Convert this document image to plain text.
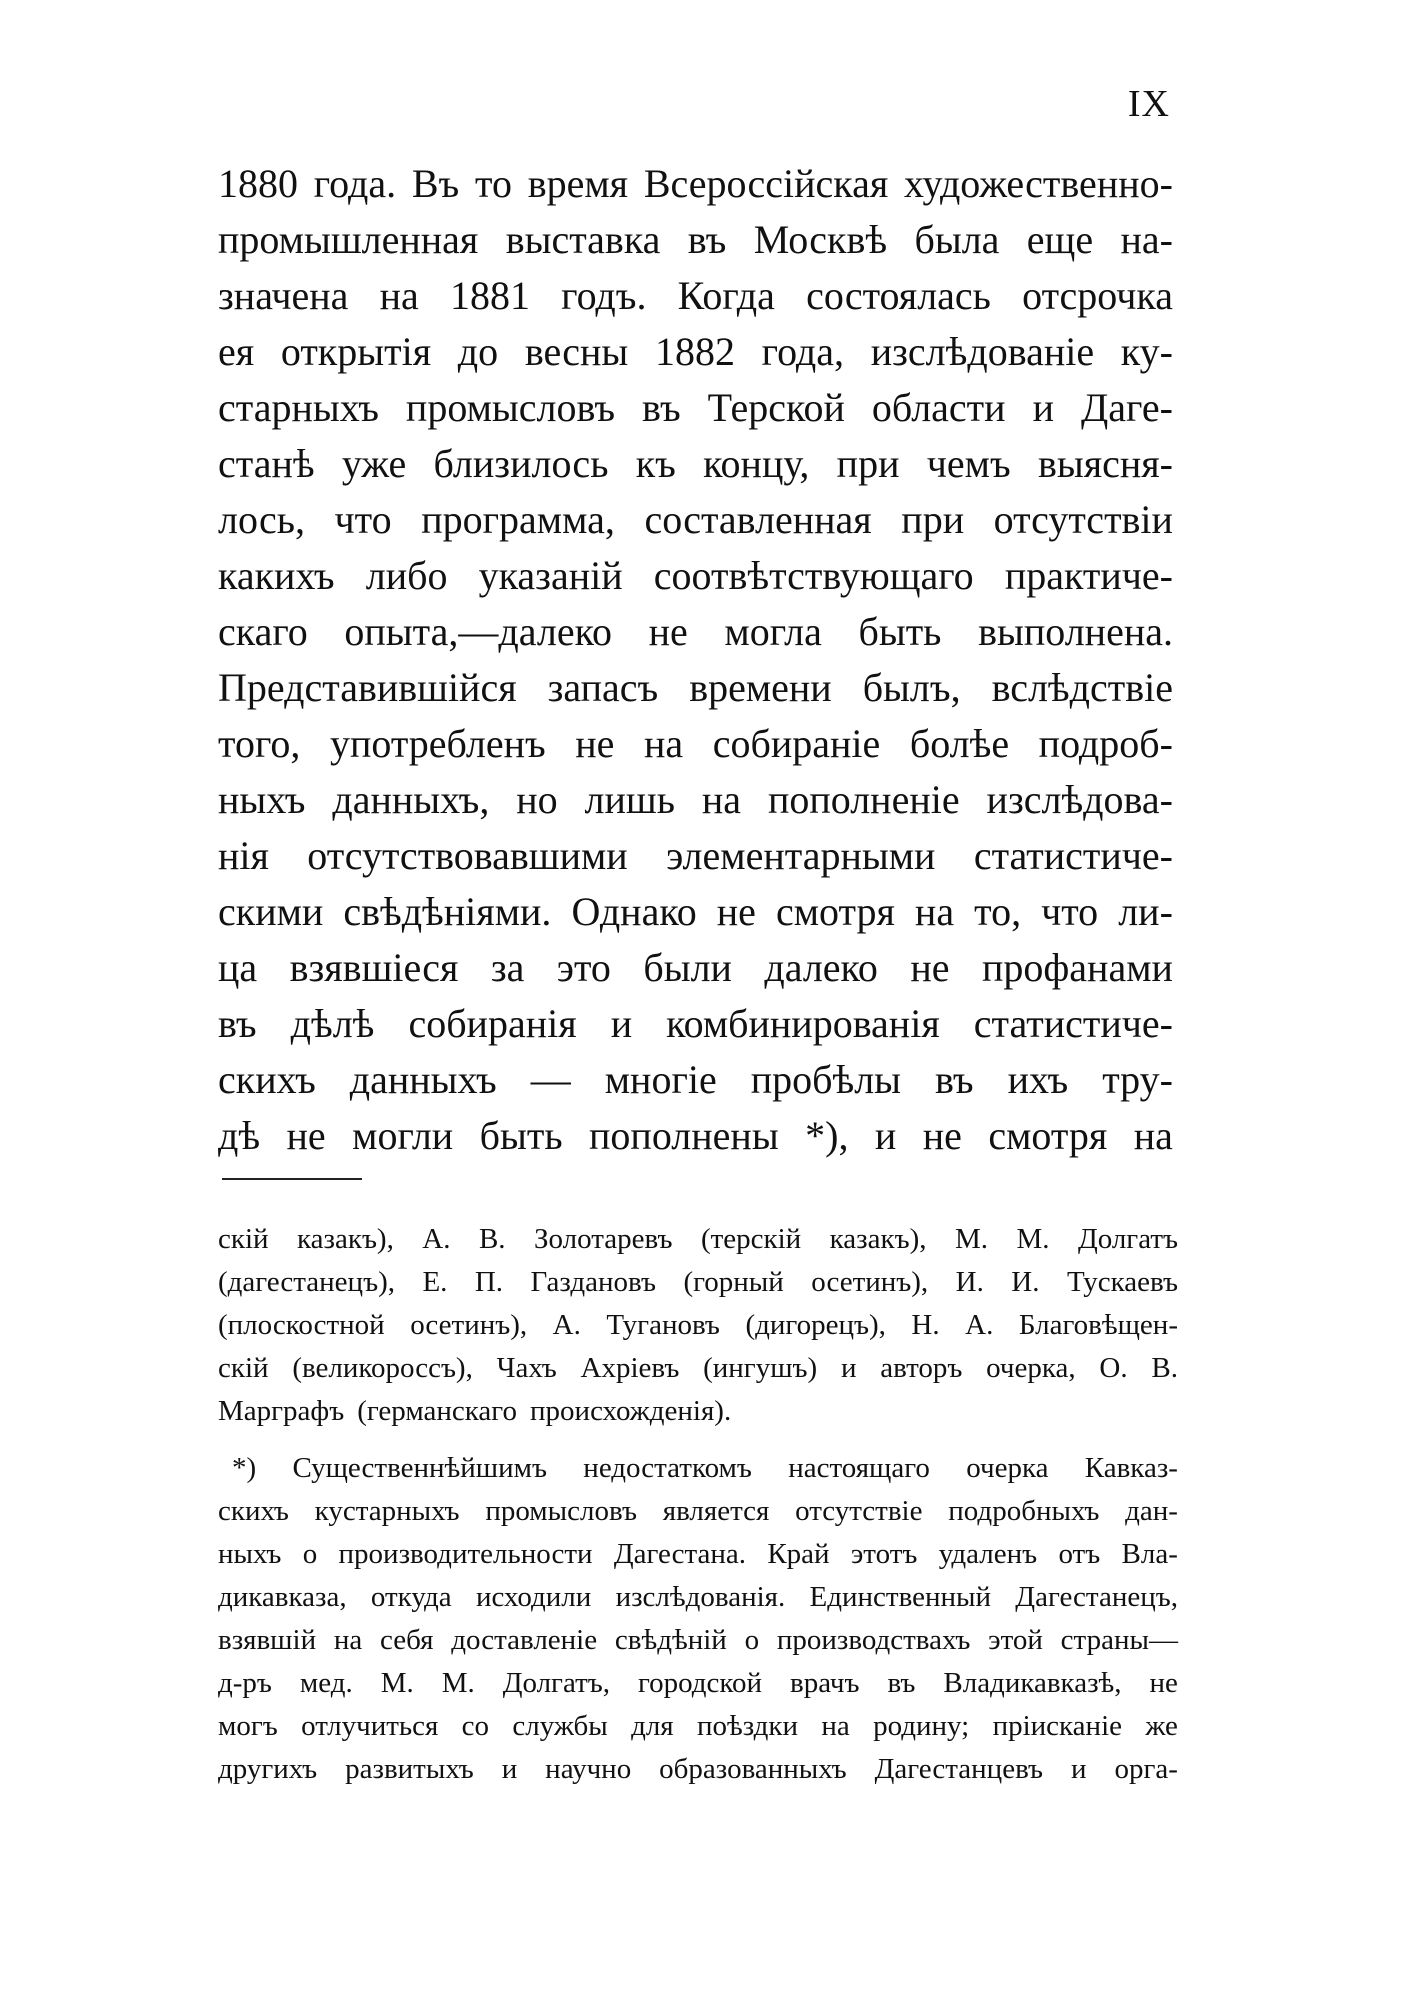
IX
1880 года. Въ то время Всероссійская художественно-
промышленная выставка въ Москвѣ была еще на-
значена на 1881 годъ. Когда состоялась отсрочка
ея открытія до весны 1882 года, изслѣдованіе ку-
старныхъ промысловъ въ Терской области и Даге-
станѣ уже близилось къ концу, при чемъ выясня-
лось, что программа, составленная при отсутствіи
какихъ либо указаній соотвѣтствующаго практиче-
скаго опыта,—далеко не могла быть выполнена.
Представившійся запасъ времени былъ, вслѣдствіе
того, употребленъ не на собираніе болѣе подроб-
ныхъ данныхъ, но лишь на пополненіе изслѣдова-
нія отсутствовавшими элементарными статистиче-
скими свѣдѣніями. Однако не смотря на то, что ли-
ца взявшіеся за это были далеко не профанами
въ дѣлѣ собиранія и комбинированія статистиче-
скихъ данныхъ — многіе пробѣлы въ ихъ тру-
дѣ не могли быть пополнены *), и не смотря на
скій казакъ), А. В. Золотаревъ (терскій казакъ), М. М. Долгатъ
(дагестанецъ), Е. П. Газдановъ (горный осетинъ), И. И. Тускаевъ
(плоскостной осетинъ), А. Тугановъ (дигорецъ), Н. А. Благовѣщен-
скій (великороссъ), Чахъ Ахріевъ (ингушъ) и авторъ очерка, О. В.
Марграфъ (германскаго происхожденія).
*) Существеннѣйшимъ недостаткомъ настоящаго очерка Кавказ-
скихъ кустарныхъ промысловъ является отсутствіе подробныхъ дан-
ныхъ о производительности Дагестана. Край этотъ удаленъ отъ Вла-
дикавказа, откуда исходили изслѣдованія. Единственный Дагестанецъ,
взявшій на себя доставленіе свѣдѣній о производствахъ этой страны—
д-ръ мед. М. М. Долгатъ, городской врачъ въ Владикавказѣ, не
могъ отлучиться со службы для поѣздки на родину; пріисканіе же
другихъ развитыхъ и научно образованныхъ Дагестанцевъ и орга-
